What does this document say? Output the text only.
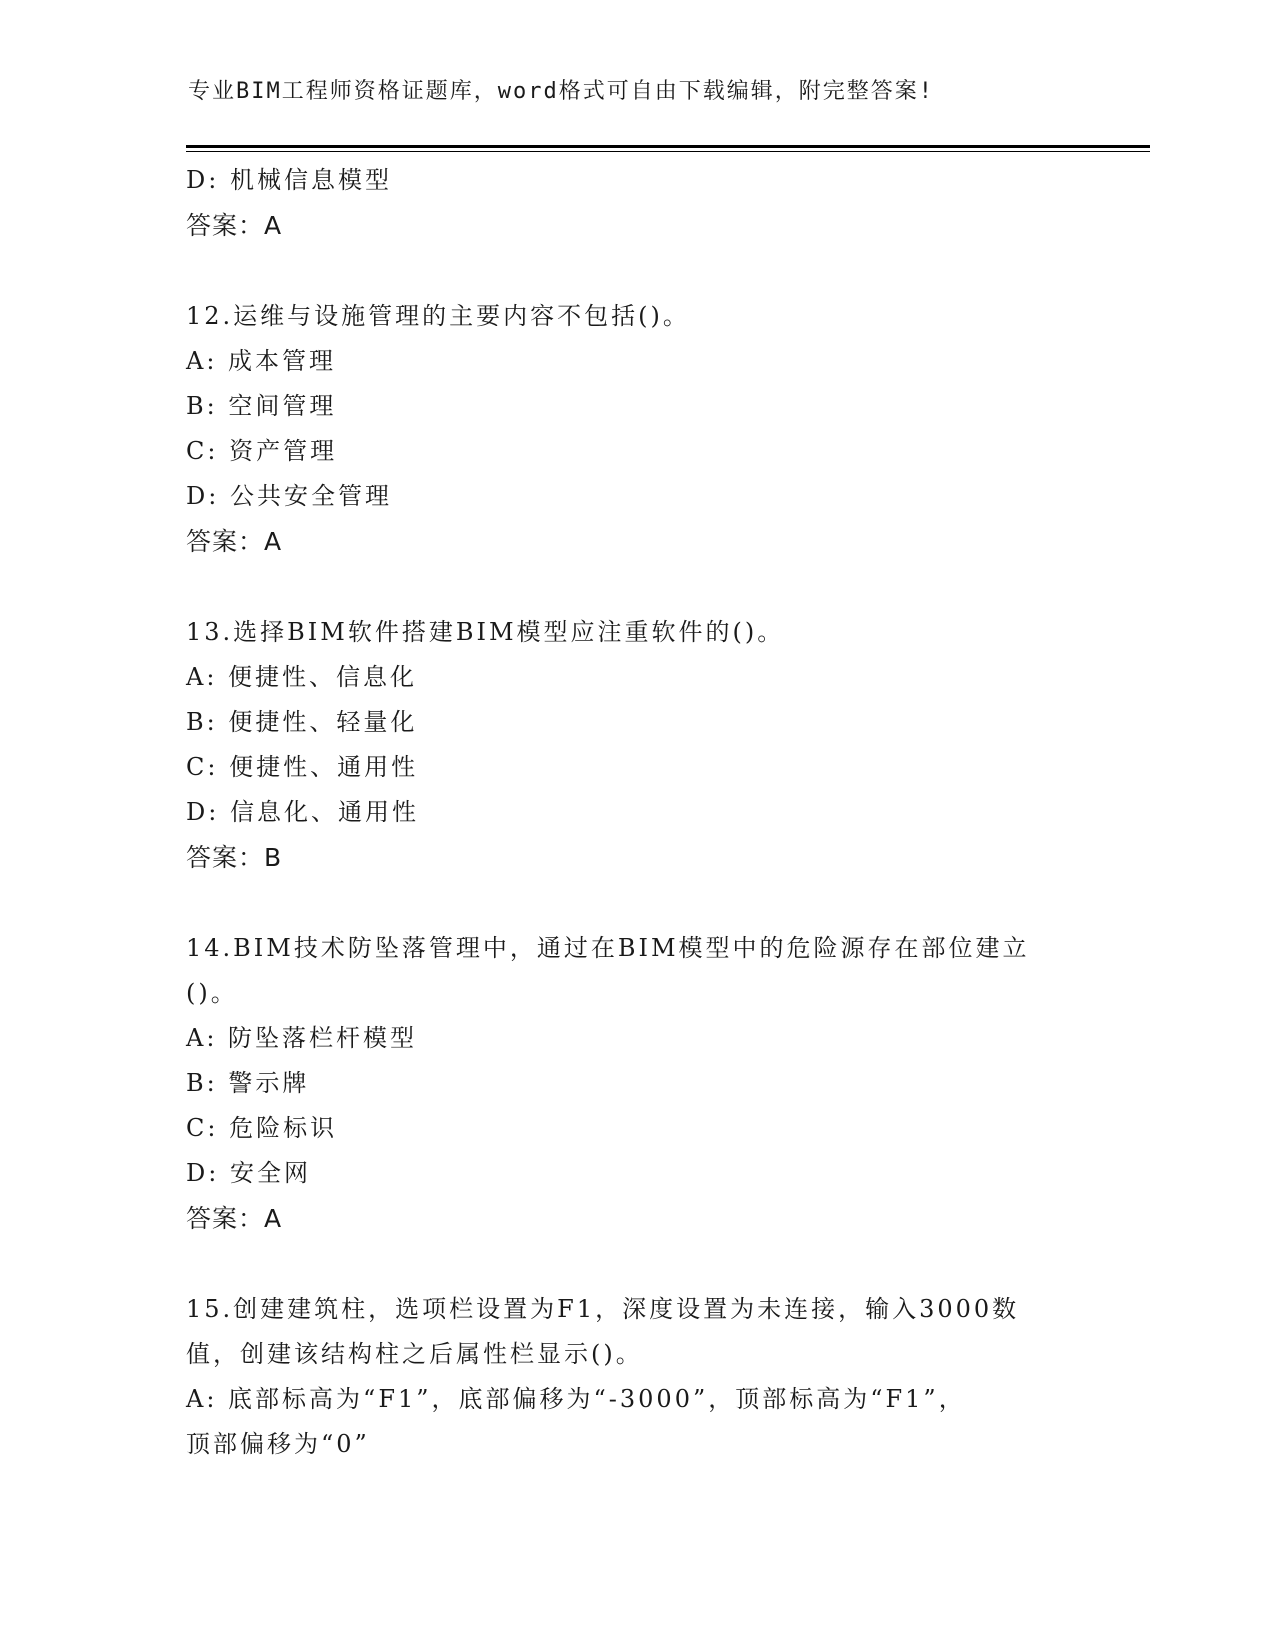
专业BIM工程师资格证题库，word格式可自由下载编辑，附完整答案!
D: 机械信息模型
答案：A
12.运维与设施管理的主要内容不包括()。
A: 成本管理
B: 空间管理
C: 资产管理
D: 公共安全管理
答案：A
13.选择BIM软件搭建BIM模型应注重软件的()。
A: 便捷性、信息化
B: 便捷性、轻量化
C: 便捷性、通用性
D: 信息化、通用性
答案：B
14.BIM技术防坠落管理中，通过在BIM模型中的危险源存在部位建立
()。
A: 防坠落栏杆模型
B: 警示牌
C: 危险标识
D: 安全网
答案：A
15.创建建筑柱，选项栏设置为F1，深度设置为未连接，输入3000数
值，创建该结构柱之后属性栏显示()。
A: 底部标高为“F1”，底部偏移为“-3000”，顶部标高为“F1”，
顶部偏移为“0”
